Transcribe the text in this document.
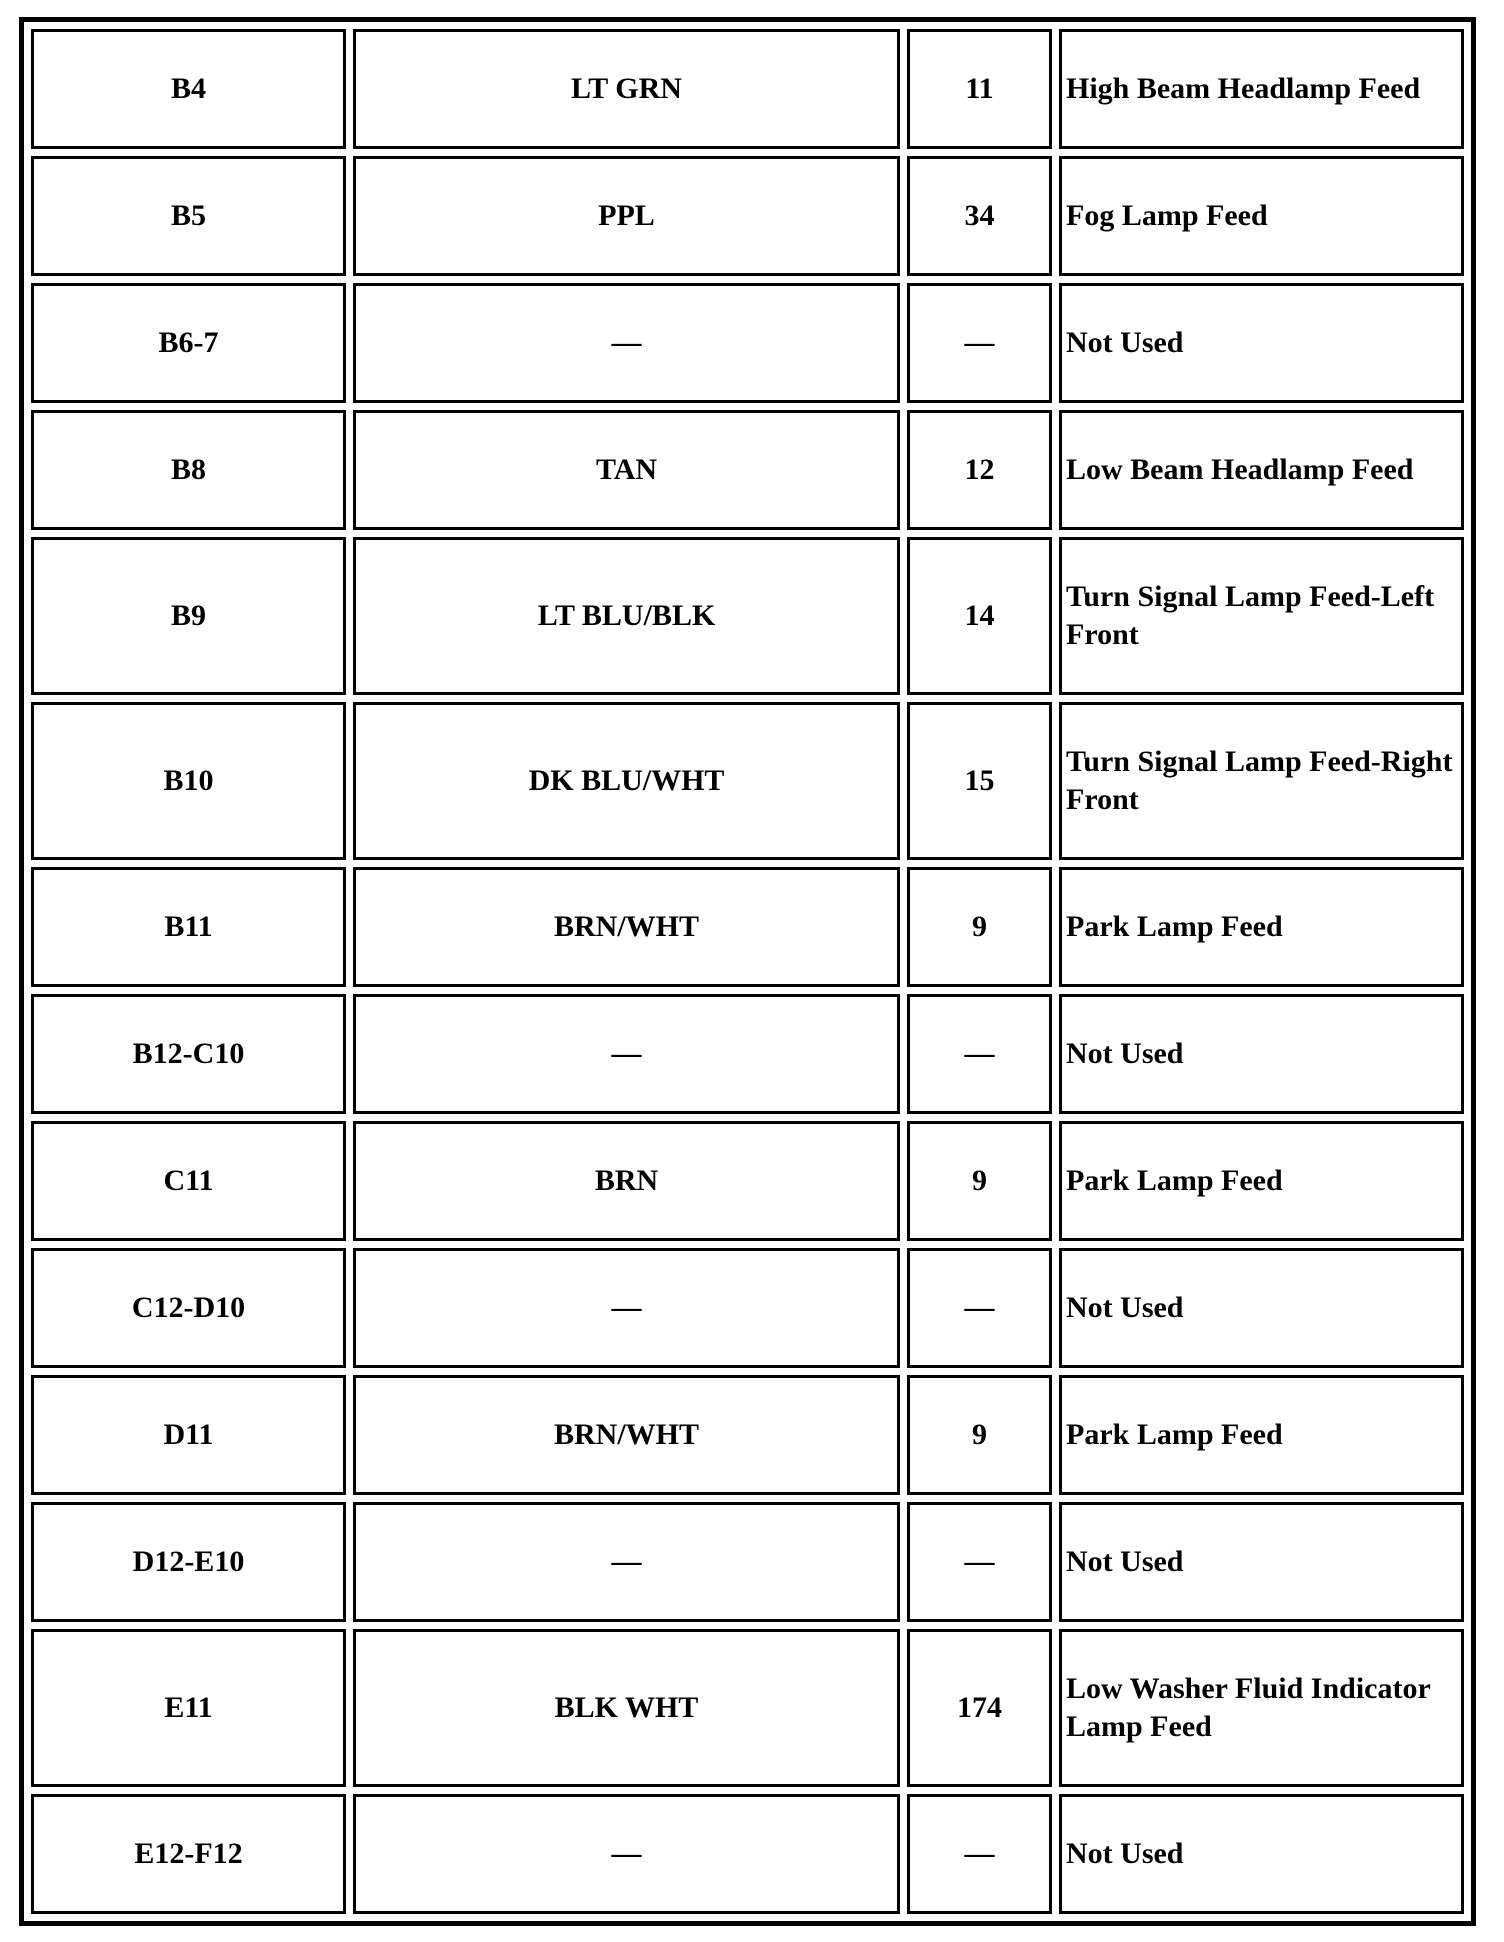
B4	LT GRN	11	High Beam Headlamp Feed
B5	PPL	34	Fog Lamp Feed
B6-7	—	—	Not Used
B8	TAN	12	Low Beam Headlamp Feed
B9	LT BLU/BLK	14	Turn Signal Lamp Feed-Left Front
B10	DK BLU/WHT	15	Turn Signal Lamp Feed-Right Front
B11	BRN/WHT	9	Park Lamp Feed
B12-C10	—	—	Not Used
C11	BRN	9	Park Lamp Feed
C12-D10	—	—	Not Used
D11	BRN/WHT	9	Park Lamp Feed
D12-E10	—	—	Not Used
E11	BLK WHT	174	Low Washer Fluid Indicator Lamp Feed
E12-F12	—	—	Not Used
